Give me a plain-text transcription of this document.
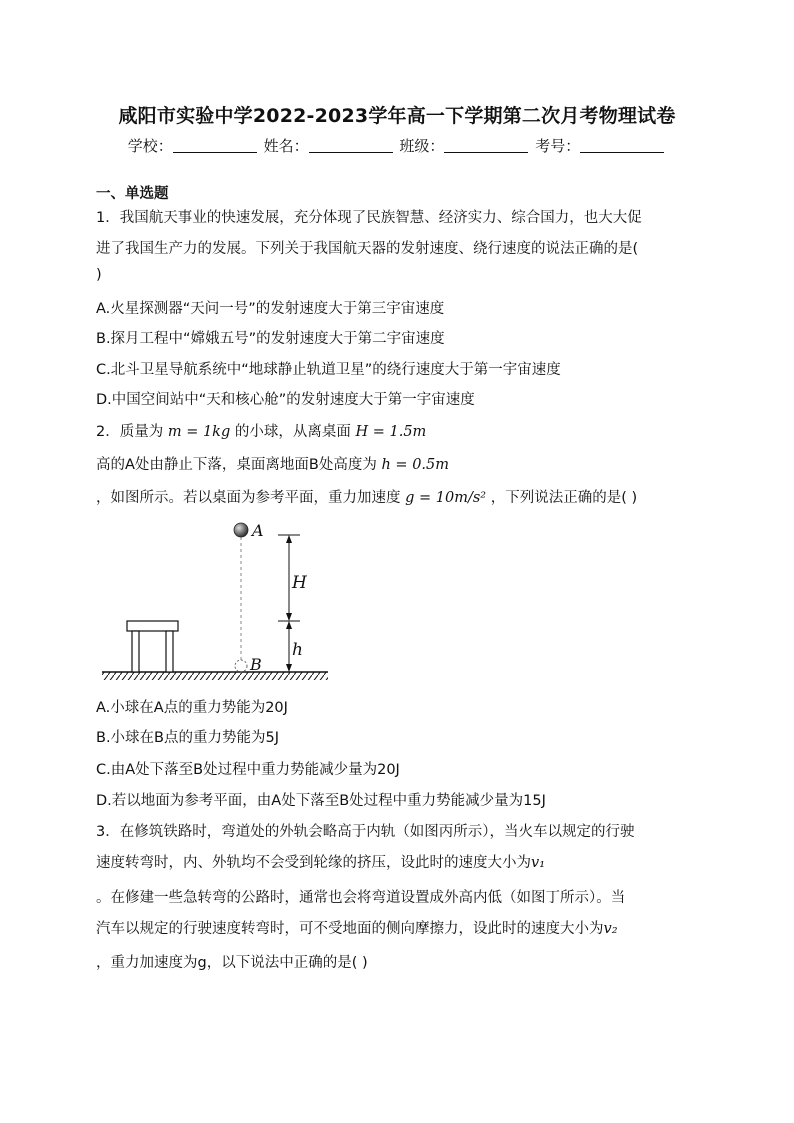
咸阳市实验中学2022-2023学年高一下学期第二次月考物理试卷
学校：	姓名：	班级：	考号：
一、单选题
1．我国航天事业的快速发展，充分体现了民族智慧、经济实力、综合国力，也大大促
进了我国生产力的发展。下列关于我国航天器的发射速度、绕行速度的说法正确的是(
)
A.火星探测器“天问一号”的发射速度大于第三宇宙速度
B.探月工程中“嫦娥五号”的发射速度大于第二宇宙速度
C.北斗卫星导航系统中“地球静止轨道卫星”的绕行速度大于第一宇宙速度
D.中国空间站中“天和核心舱”的发射速度大于第一宇宙速度
2．质量为 m = 1kg 的小球，从离桌面 H = 1.5m
高的A处由静止下落，桌面离地面B处高度为 h = 0.5m
，如图所示。若以桌面为参考平面，重力加速度 g = 10m/s² ，下列说法正确的是( )
A
B
H
h
A.小球在A点的重力势能为20J
B.小球在B点的重力势能为5J
C.由A处下落至B处过程中重力势能减少量为20J
D.若以地面为参考平面，由A处下落至B处过程中重力势能减少量为15J
3．在修筑铁路时，弯道处的外轨会略高于内轨（如图丙所示），当火车以规定的行驶
速度转弯时，内、外轨均不会受到轮缘的挤压，设此时的速度大小为v₁
。在修建一些急转弯的公路时，通常也会将弯道设置成外高内低（如图丁所示）。当
汽车以规定的行驶速度转弯时，可不受地面的侧向摩擦力，设此时的速度大小为v₂
，重力加速度为g，以下说法中正确的是( )
